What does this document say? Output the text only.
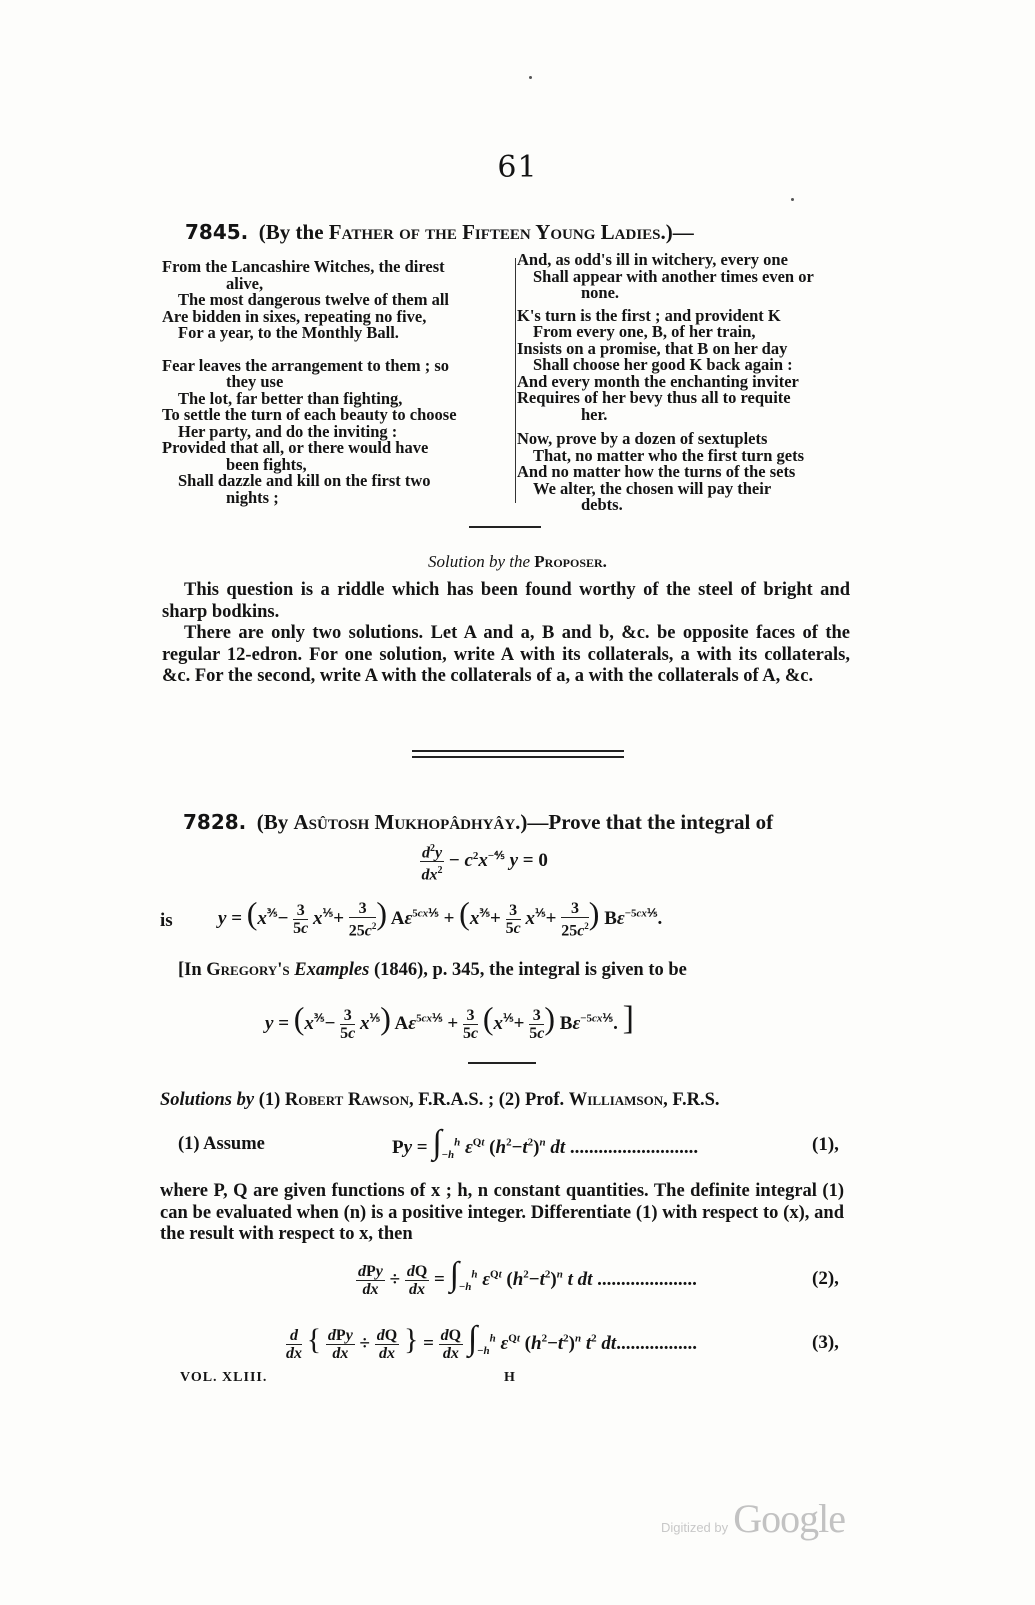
61
7845. (By the Father of the Fifteen Young Ladies.)—
From the Lancashire Witches, the direst
alive,
The most dangerous twelve of them all
Are bidden in sixes, repeating no five,
For a year, to the Monthly Ball.
Fear leaves the arrangement to them ; so
they use
The lot, far better than fighting,
To settle the turn of each beauty to choose
Her party, and do the inviting :
Provided that all, or there would have
been fights,
Shall dazzle and kill on the first two
nights ;
And, as odd's ill in witchery, every one
Shall appear with another times even or
none.
K's turn is the first ; and provident K
From every one, B, of her train,
Insists on a promise, that B on her day
Shall choose her good K back again :
And every month the enchanting inviter
Requires of her bevy thus all to requite
her.
Now, prove by a dozen of sextuplets
That, no matter who the first turn gets
And no matter how the turns of the sets
We alter, the chosen will pay their
debts.
Solution by the Proposer.
This question is a riddle which has been found worthy of the steel of bright and sharp bodkins.
There are only two solutions. Let A and a, B and b, &c. be opposite faces of the regular 12-edron. For one solution, write A with its collaterals, a with its collaterals, &c. For the second, write A with the collaterals of a, a with the collaterals of A, &c.
7828. (By Asûtosh Mukhopâdhyây.)—Prove that the integral of
$\frac{d^2y}{dx^2} - c^2x^{-\frac{4}{5}}$ y = 0
is $y = (x^{\frac{3}{5}}- \frac{3}{5c} x^{\frac{1}{5}}+ \frac{3}{25c^2}$ ) $A\varepsilon^{5cx\frac{1}{5}} + (x^{\frac{3}{5}}+ \frac{3}{5c} x^{\frac{1}{5}}+ \frac{3}{25c^2}$ ) $B\varepsilon^{-5cx\frac{1}{5}}$.
[In Gregory's Examples (1846), p. 345, the integral is given to be
$y = (x^{\frac{3}{5}}- \frac{3}{5c} x^{\frac{1}{5}}) A\varepsilon^{5cx\frac{1}{5}} + \frac{3}{5c} (x^{\frac{1}{5}}+ \frac{3}{5c}$ ) $B\varepsilon^{-5cx\frac{1}{5}}$. ]
Solutions by (1) Robert Rawson, F.R.A.S. ; (2) Prof. Williamson, F.R.S.
(1) Assume	$Py = \int_{-h}^h$ $\varepsilon^{Qt}$ $(h^2-t^2)^n$ dt ...........................	(1),
where P, Q are given functions of x ; h, n constant quantities. The definite integral (1) can be evaluated when (n) is a positive integer. Differentiate (1) with respect to (x), and the result with respect to x, then
$\frac{\text{dPy}}{dx} \div \frac{dQ}{dx} = \int_{-h}^h$ $\varepsilon^{Qt}$ $(h^2-t^2)^n$ t dt .....................	(2),
$\frac{d}{dx}$ { $\frac{\text{dPy}}{dx} \div \frac{dQ}{dx}$ } = $\frac{dQ}{dx} \int_{-h}^h$ $\varepsilon^{Qt}$ $(h^2-t^2)^n$ $t^2$ dt.................	(3),
VOL. XLIII.	H
Digitized by Google
